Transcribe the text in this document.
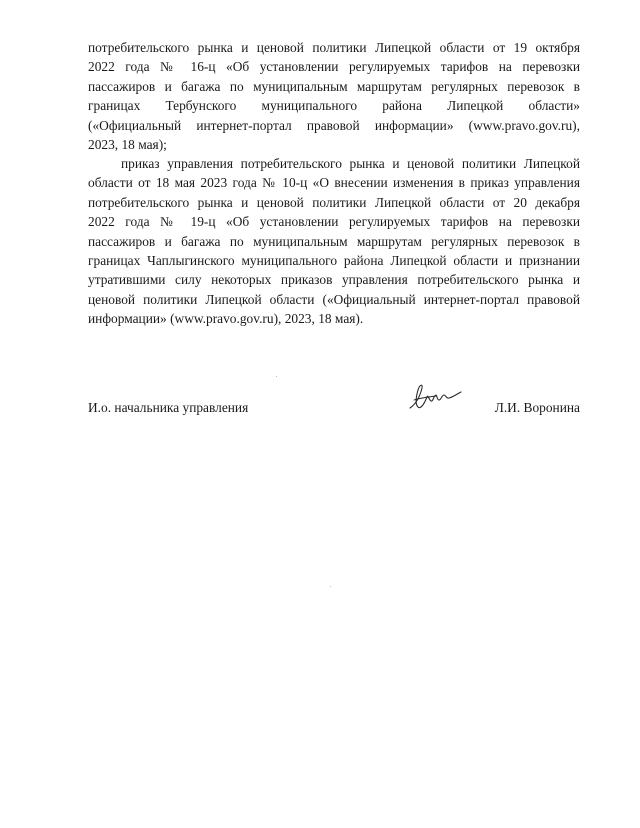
потребительского рынка и ценовой политики Липецкой области от 19 октября
2022 года № 16-ц «Об установлении регулируемых тарифов на перевозки
пассажиров и багажа по муниципальным маршрутам регулярных перевозок в
границах Тербунского муниципального района Липецкой области»
(«Официальный интернет-портал правовой информации» (www.pravo.gov.ru),
2023, 18 мая);
приказ управления потребительского рынка и ценовой политики Липецкой
области от 18 мая 2023 года № 10-ц «О внесении изменения в приказ управления
потребительского рынка и ценовой политики Липецкой области от 20 декабря
2022 года № 19-ц «Об установлении регулируемых тарифов на перевозки
пассажиров и багажа по муниципальным маршрутам регулярных перевозок в
границах Чаплыгинского муниципального района Липецкой области и признании
утратившими силу некоторых приказов управления потребительского рынка и
ценовой политики Липецкой области («Официальный интернет-портал правовой
информации» (www.pravo.gov.ru), 2023, 18 мая).
И.о. начальника управления	Л.И. Воронина
